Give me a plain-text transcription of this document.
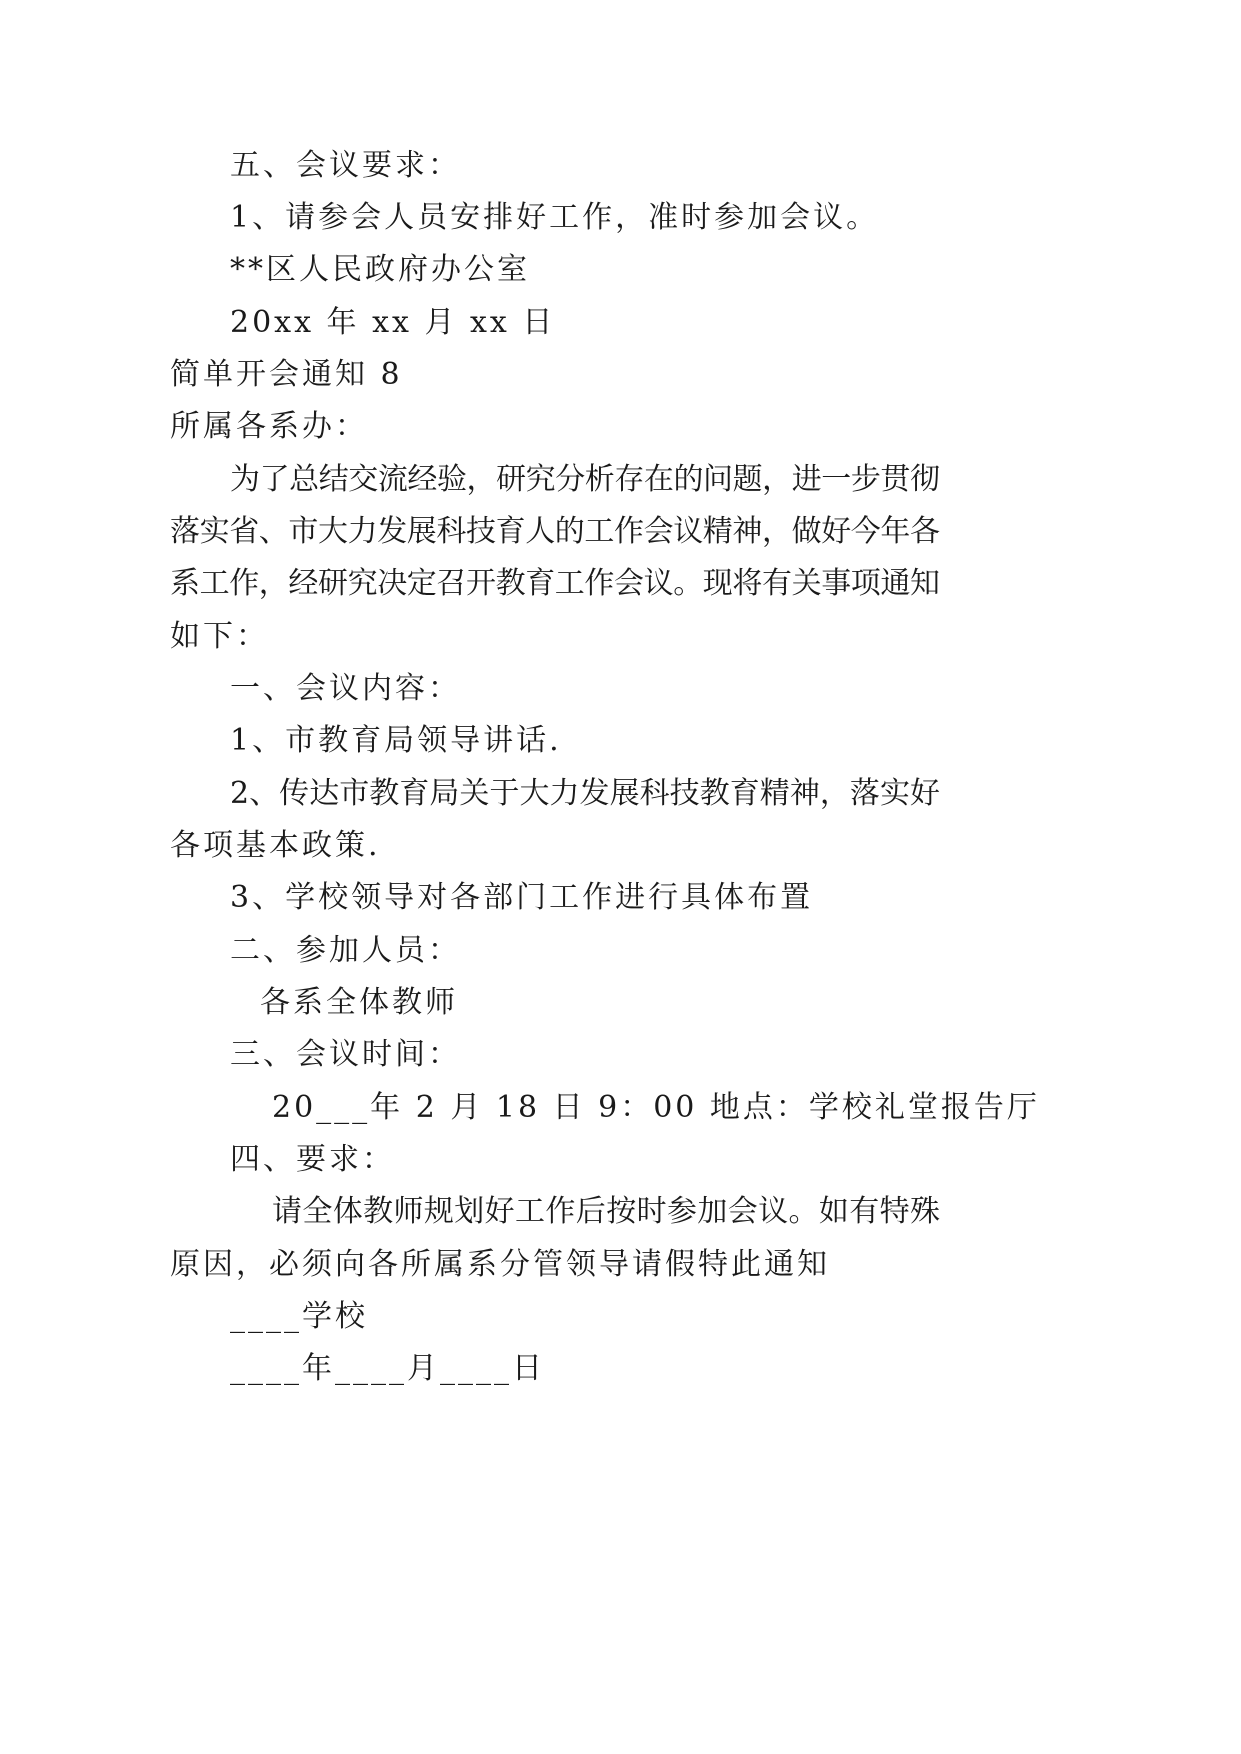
五、会议要求：
1、请参会人员安排好工作，准时参加会议。
**区人民政府办公室
20xx 年 xx 月 xx 日
简单开会通知 8
所属各系办：
为了总结交流经验，研究分析存在的问题，进一步贯彻
落实省、市大力发展科技育人的工作会议精神，做好今年各
系工作，经研究决定召开教育工作会议。现将有关事项通知
如下：
一、会议内容：
1、市教育局领导讲话.
2、传达市教育局关于大力发展科技教育精神，落实好
各项基本政策.
3、学校领导对各部门工作进行具体布置
二、参加人员：
各系全体教师
三、会议时间：
20___年 2 月 18 日 9：00 地点：学校礼堂报告厅
四、要求：
请全体教师规划好工作后按时参加会议。如有特殊
原因，必须向各所属系分管领导请假特此通知
____学校
____年____月____日
